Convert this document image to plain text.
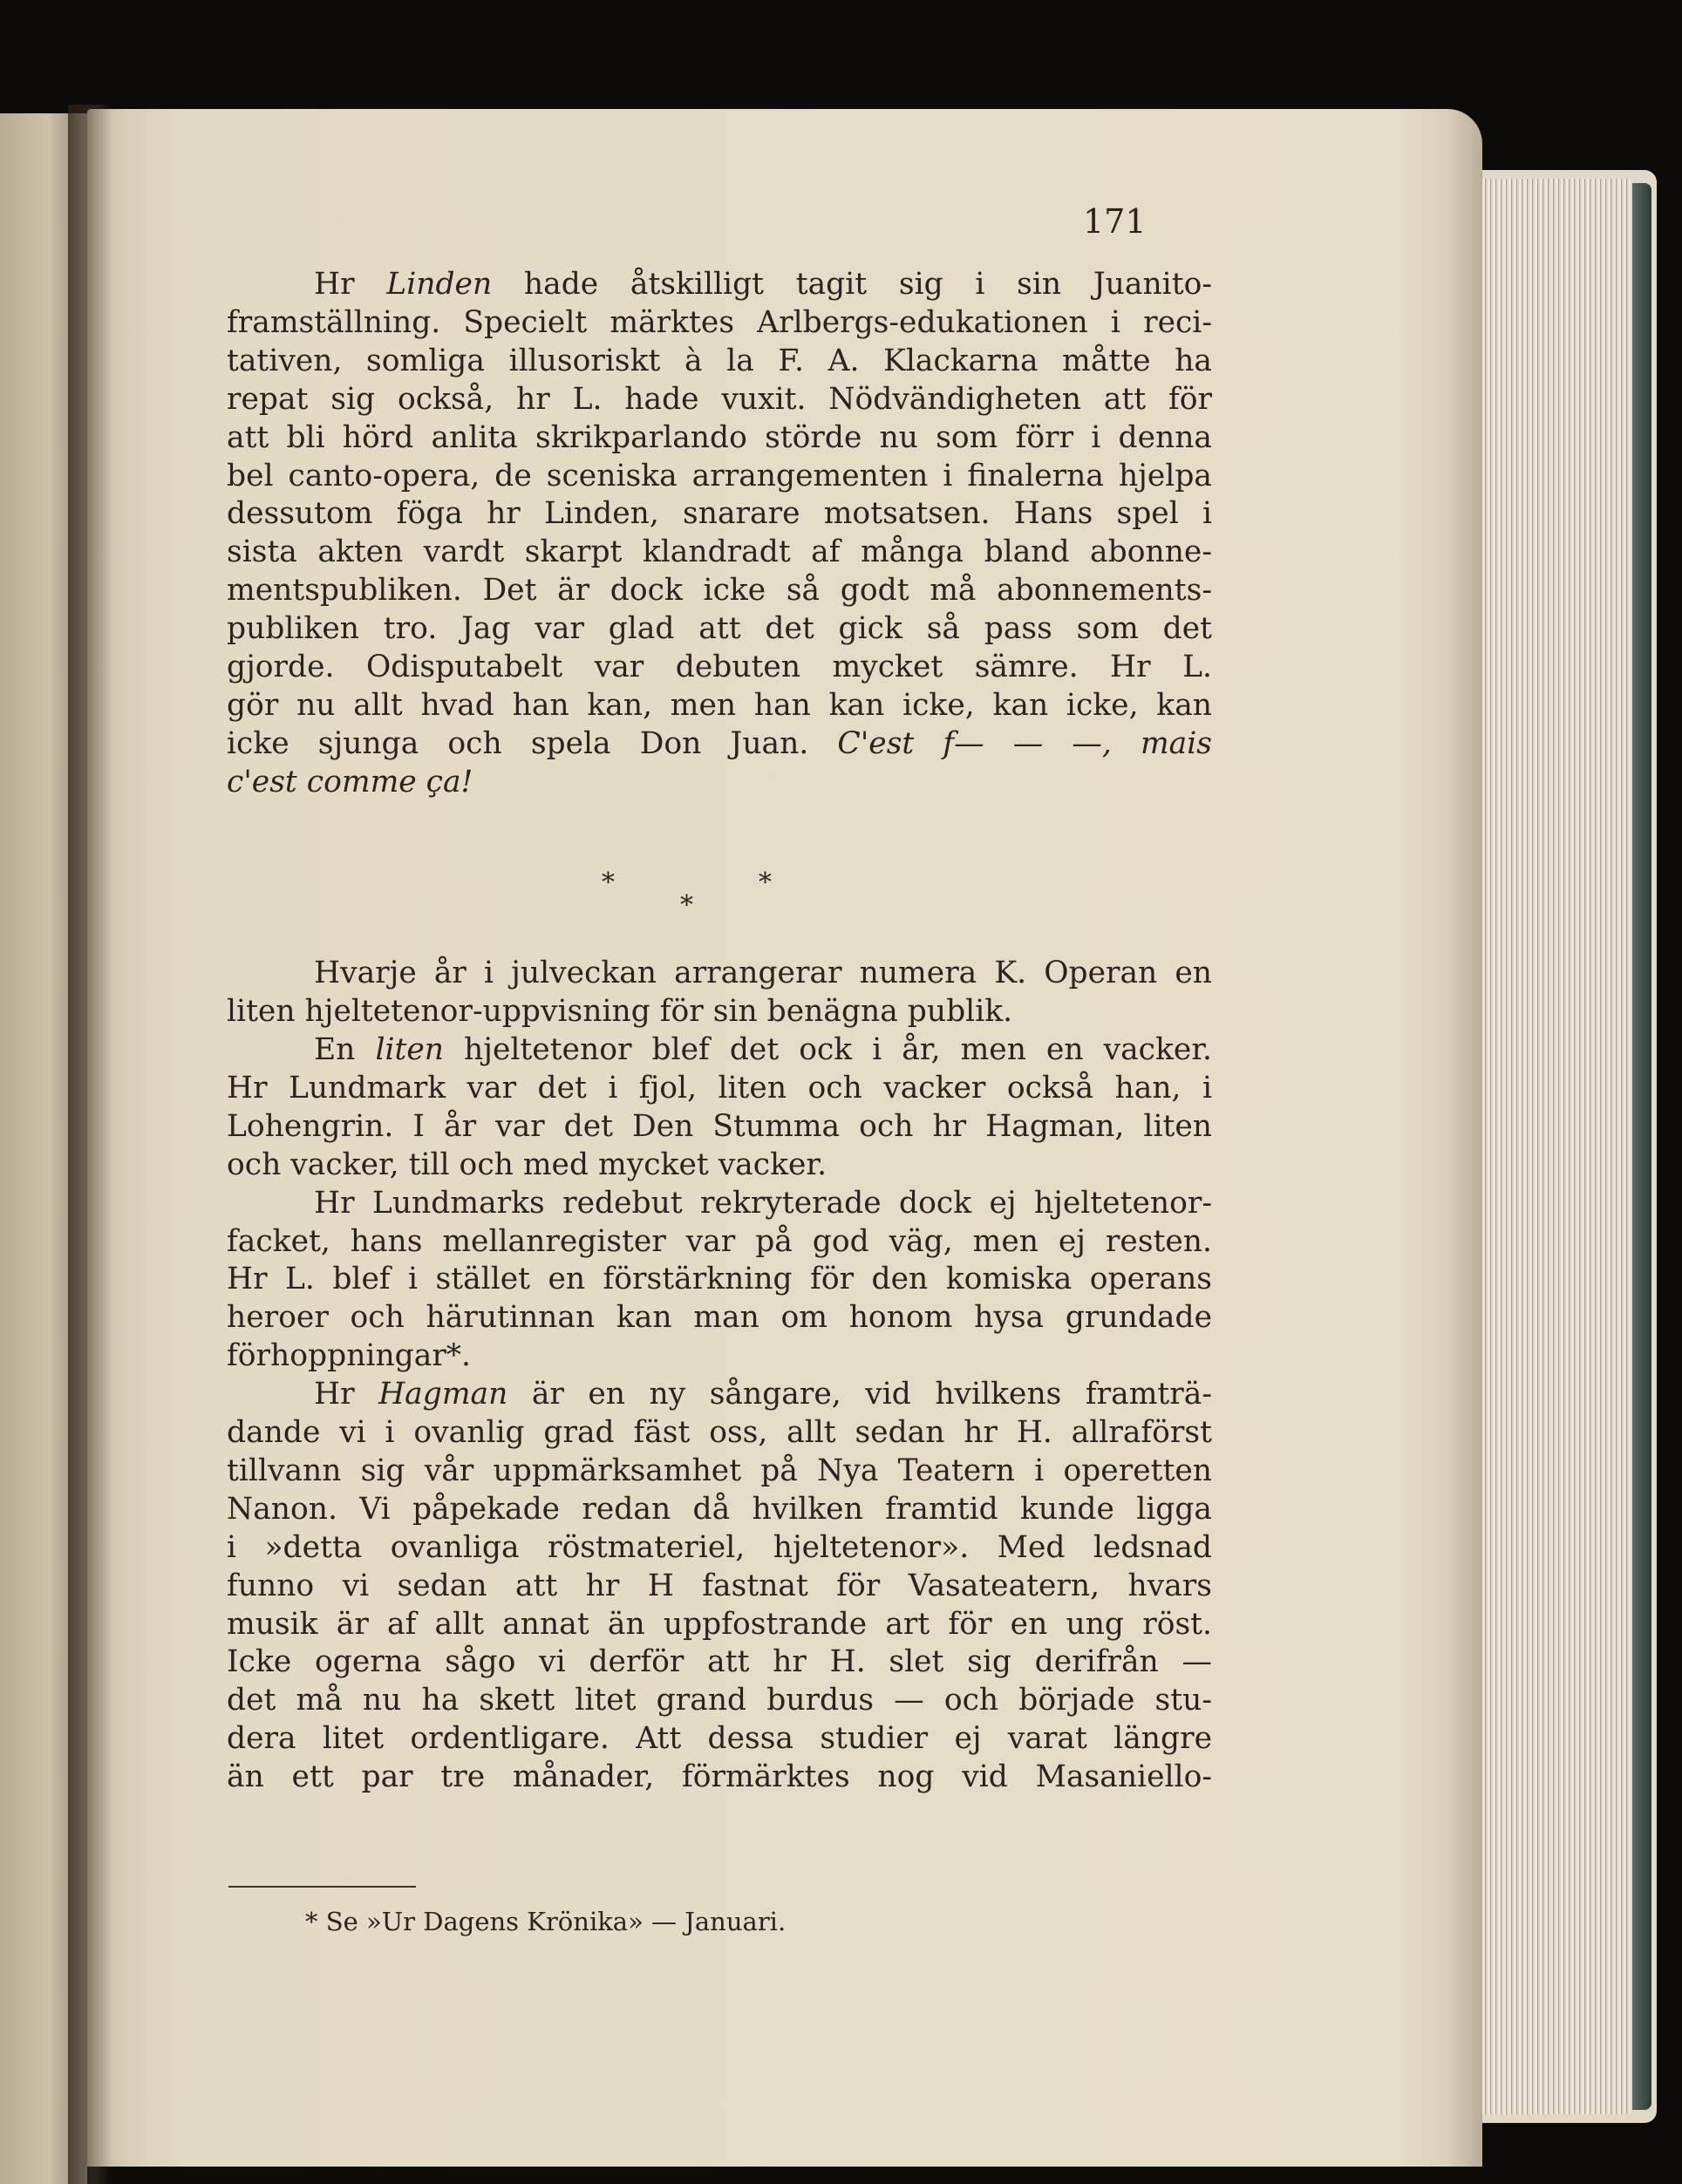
171
Hr Linden hade åtskilligt tagit sig i sin Juanito-
framställning. Specielt märktes Arlbergs-edukationen i reci-
tativen, somliga illusoriskt à la F. A. Klackarna måtte ha
repat sig också, hr L. hade vuxit. Nödvändigheten att för
att bli hörd anlita skrikparlando störde nu som förr i denna
bel canto-opera, de sceniska arrangementen i finalerna hjelpa
dessutom föga hr Linden, snarare motsatsen. Hans spel i
sista akten vardt skarpt klandradt af många bland abonne-
mentspubliken. Det är dock icke så godt må abonnements-
publiken tro. Jag var glad att det gick så pass som det
gjorde. Odisputabelt var debuten mycket sämre. Hr L.
gör nu allt hvad han kan, men han kan icke, kan icke, kan
icke sjunga och spela Don Juan. C'est f— — —, mais
c'est comme ça!
Hvarje år i julveckan arrangerar numera K. Operan en
liten hjeltetenor-uppvisning för sin benägna publik.
En liten hjeltetenor blef det ock i år, men en vacker.
Hr Lundmark var det i fjol, liten och vacker också han, i
Lohengrin. I år var det Den Stumma och hr Hagman, liten
och vacker, till och med mycket vacker.
Hr Lundmarks redebut rekryterade dock ej hjeltetenor-
facket, hans mellanregister var på god väg, men ej resten.
Hr L. blef i stället en förstärkning för den komiska operans
heroer och härutinnan kan man om honom hysa grundade
förhoppningar*.
Hr Hagman är en ny sångare, vid hvilkens framträ-
dande vi i ovanlig grad fäst oss, allt sedan hr H. allraförst
tillvann sig vår uppmärksamhet på Nya Teatern i operetten
Nanon. Vi påpekade redan då hvilken framtid kunde ligga
i »detta ovanliga röstmateriel, hjeltetenor». Med ledsnad
funno vi sedan att hr H fastnat för Vasateatern, hvars
musik är af allt annat än uppfostrande art för en ung röst.
Icke ogerna sågo vi derför att hr H. slet sig derifrån —
det må nu ha skett litet grand burdus — och började stu-
dera litet ordentligare. Att dessa studier ej varat längre
än ett par tre månader, förmärktes nog vid Masaniello-
*
*
*
* Se »Ur Dagens Krönika» — Januari.
